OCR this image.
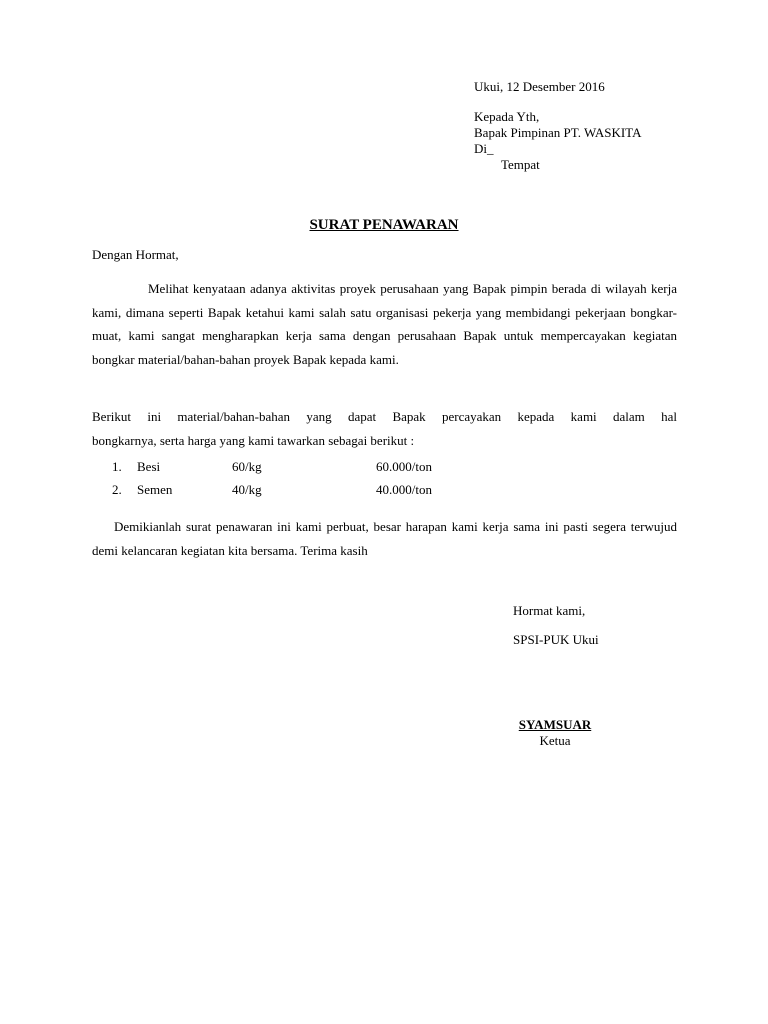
Ukui, 12 Desember 2016
Kepada Yth,
Bapak Pimpinan PT. WASKITA
Di_
Tempat
SURAT PENAWARAN
Dengan Hormat,

Melihat kenyataan adanya aktivitas proyek perusahaan yang Bapak pimpin berada di wilayah kerja kami, dimana seperti Bapak ketahui kami salah satu organisasi pekerja yang membidangi pekerjaan bongkar-muat, kami sangat mengharapkan kerja sama dengan perusahaan Bapak untuk mempercayakan kegiatan bongkar material/bahan-bahan proyek Bapak kepada kami.

Berikut ini material/bahan-bahan yang dapat Bapak percayakan kepada kami dalam hal

bongkarnya, serta harga yang kami tawarkan sebagai berikut :

1. Besi	60/kg	60.000/ton
2. Semen	40/kg	40.000/ton

Demikianlah surat penawaran ini kami perbuat, besar harapan kami kerja sama ini pasti segera terwujud demi kelancaran kegiatan kita bersama. Terima kasih

Hormat kami,
SPSI-PUK Ukui
SYAMSUAR
Ketua
